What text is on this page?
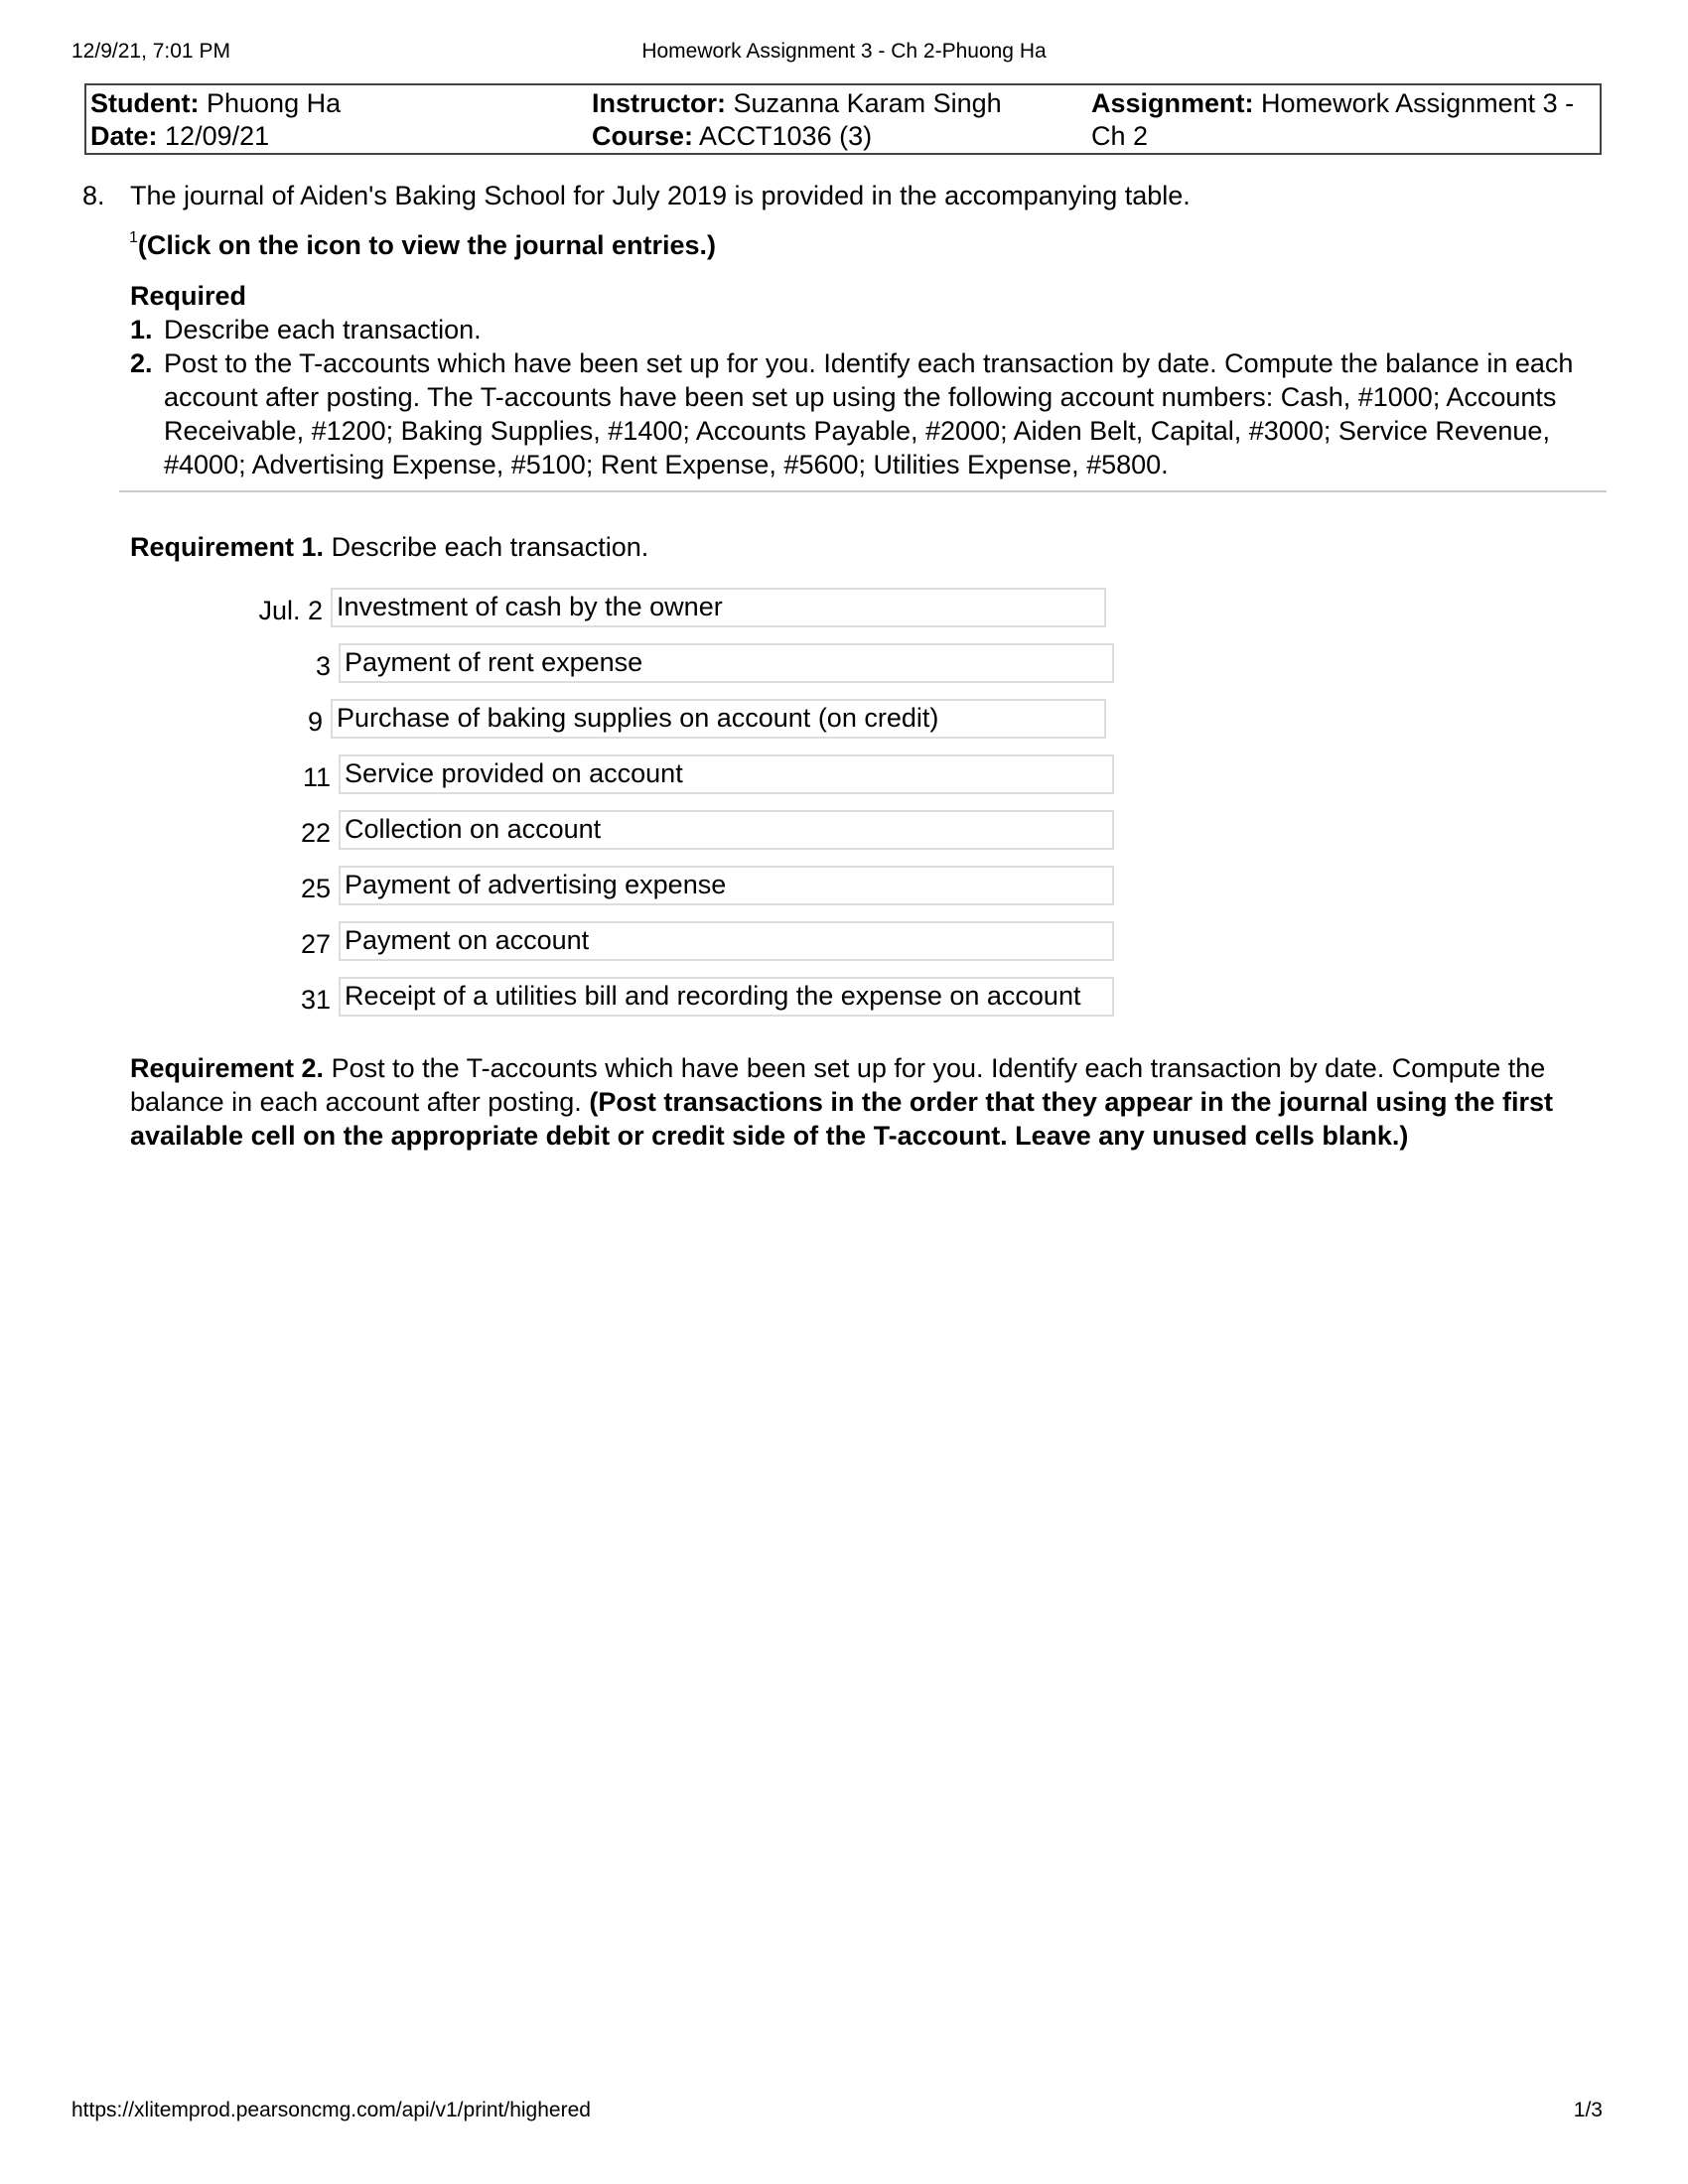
12/9/21, 7:01 PM	Homework Assignment 3 - Ch 2-Phuong Ha
Student: Phuong Ha
Date: 12/09/21
Instructor: Suzanna Karam Singh
Course: ACCT1036 (3)
Assignment: Homework Assignment 3 - Ch 2
8. The journal of Aiden's Baking School for July 2019 is provided in the accompanying table.
$^1$(Click on the icon to view the journal entries.)
Required
1. Describe each transaction.
2. Post to the T-accounts which have been set up for you. Identify each transaction by date. Compute the balance in each account after posting. The T-accounts have been set up using the following account numbers: Cash, #1000; Accounts Receivable, #1200; Baking Supplies, #1400; Accounts Payable, #2000; Aiden Belt, Capital, #3000; Service Revenue, #4000; Advertising Expense, #5100; Rent Expense, #5600; Utilities Expense, #5800.
Requirement 1. Describe each transaction.
Jul. 2 Investment of cash by the owner
3 Payment of rent expense
9 Purchase of baking supplies on account (on credit)
11 Service provided on account
22 Collection on account
25 Payment of advertising expense
27 Payment on account
31 Receipt of a utilities bill and recording the expense on account
Requirement 2. Post to the T-accounts which have been set up for you. Identify each transaction by date. Compute the balance in each account after posting. (Post transactions in the order that they appear in the journal using the first available cell on the appropriate debit or credit side of the T-account. Leave any unused cells blank.)
https://xlitemprod.pearsoncmg.com/api/v1/print/highered	1/3
